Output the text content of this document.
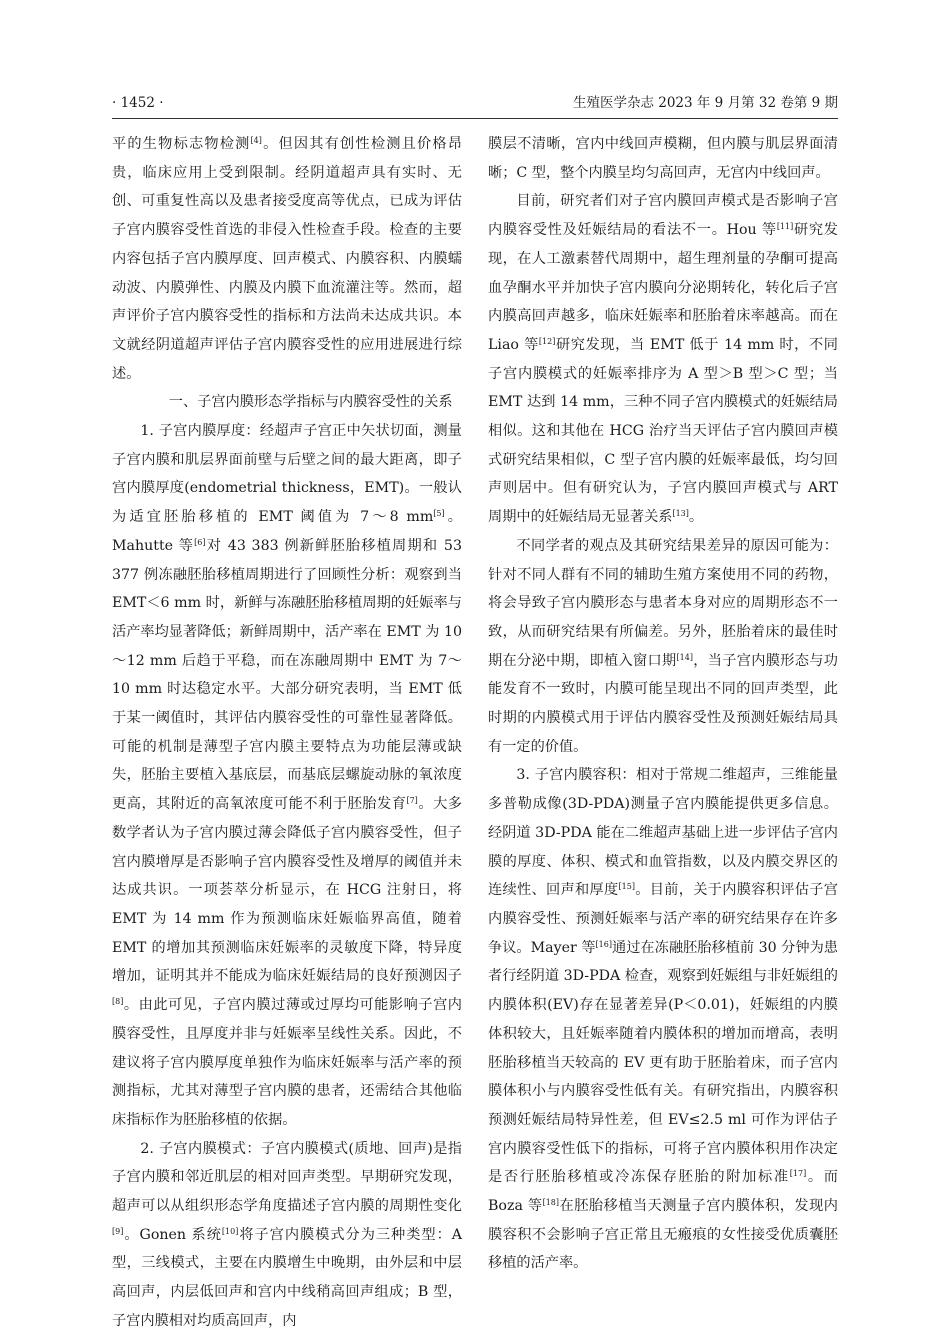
· 1452 ·	生殖医学杂志 2023 年 9 月第 32 卷第 9 期

平的生物标志物检测[4]。但因其有创性检测且价格昂贵，临床应用上受到限制。经阴道超声具有实时、无创、可重复性高以及患者接受度高等优点，已成为评估子宫内膜容受性首选的非侵入性检查手段。检查的主要内容包括子宫内膜厚度、回声模式、内膜容积、内膜蠕动波、内膜弹性、内膜及内膜下血流灌注等。然而，超声评价子宫内膜容受性的指标和方法尚未达成共识。本文就经阴道超声评估子宫内膜容受性的应用进展进行综述。

一、子宫内膜形态学指标与内膜容受性的关系

1. 子宫内膜厚度：经超声子宫正中矢状切面，测量子宫内膜和肌层界面前壁与后壁之间的最大距离，即子宫内膜厚度(endometrial thickness，EMT)。一般认为适宜胚胎移植的 EMT 阈值为 7～8 mm[5]。Mahutte 等[6]对 43 383 例新鲜胚胎移植周期和 53 377 例冻融胚胎移植周期进行了回顾性分析：观察到当 EMT＜6 mm 时，新鲜与冻融胚胎移植周期的妊娠率与活产率均显著降低；新鲜周期中，活产率在 EMT 为 10～12 mm 后趋于平稳，而在冻融周期中 EMT 为 7～10 mm 时达稳定水平。大部分研究表明，当 EMT 低于某一阈值时，其评估内膜容受性的可靠性显著降低。可能的机制是薄型子宫内膜主要特点为功能层薄或缺失，胚胎主要植入基底层，而基底层螺旋动脉的氧浓度更高，其附近的高氧浓度可能不利于胚胎发育[7]。大多数学者认为子宫内膜过薄会降低子宫内膜容受性，但子宫内膜增厚是否影响子宫内膜容受性及增厚的阈值并未达成共识。一项荟萃分析显示，在 HCG 注射日，将 EMT 为 14 mm 作为预测临床妊娠临界高值，随着 EMT 的增加其预测临床妊娠率的灵敏度下降，特异度增加，证明其并不能成为临床妊娠结局的良好预测因子[8]。由此可见，子宫内膜过薄或过厚均可能影响子宫内膜容受性，且厚度并非与妊娠率呈线性关系。因此，不建议将子宫内膜厚度单独作为临床妊娠率与活产率的预测指标，尤其对薄型子宫内膜的患者，还需结合其他临床指标作为胚胎移植的依据。

2. 子宫内膜模式：子宫内膜模式(质地、回声)是指子宫内膜和邻近肌层的相对回声类型。早期研究发现，超声可以从组织形态学角度描述子宫内膜的周期性变化[9]。Gonen 系统[10]将子宫内膜模式分为三种类型：A 型，三线模式，主要在内膜增生中晚期，由外层和中层高回声，内层低回声和宫内中线稍高回声组成；B 型，子宫内膜相对均质高回声，内

膜层不清晰，宫内中线回声模糊，但内膜与肌层界面清晰；C 型，整个内膜呈均匀高回声，无宫内中线回声。

目前，研究者们对子宫内膜回声模式是否影响子宫内膜容受性及妊娠结局的看法不一。Hou 等[11]研究发现，在人工激素替代周期中，超生理剂量的孕酮可提高血孕酮水平并加快子宫内膜向分泌期转化，转化后子宫内膜高回声越多，临床妊娠率和胚胎着床率越高。而在 Liao 等[12]研究发现，当 EMT 低于 14 mm 时，不同子宫内膜模式的妊娠率排序为 A 型＞B 型＞C 型；当 EMT 达到 14 mm，三种不同子宫内膜模式的妊娠结局相似。这和其他在 HCG 治疗当天评估子宫内膜回声模式研究结果相似，C 型子宫内膜的妊娠率最低，均匀回声则居中。但有研究认为，子宫内膜回声模式与 ART 周期中的妊娠结局无显著关系[13]。

不同学者的观点及其研究结果差异的原因可能为：针对不同人群有不同的辅助生殖方案使用不同的药物，将会导致子宫内膜形态与患者本身对应的周期形态不一致，从而研究结果有所偏差。另外，胚胎着床的最佳时期在分泌中期，即植入窗口期[14]，当子宫内膜形态与功能发育不一致时，内膜可能呈现出不同的回声类型，此时期的内膜模式用于评估内膜容受性及预测妊娠结局具有一定的价值。

3. 子宫内膜容积：相对于常规二维超声，三维能量多普勒成像(3D-PDA)测量子宫内膜能提供更多信息。经阴道 3D-PDA 能在二维超声基础上进一步评估子宫内膜的厚度、体积、模式和血管指数，以及内膜交界区的连续性、回声和厚度[15]。目前，关于内膜容积评估子宫内膜容受性、预测妊娠率与活产率的研究结果存在许多争议。Mayer 等[16]通过在冻融胚胎移植前 30 分钟为患者行经阴道 3D-PDA 检查，观察到妊娠组与非妊娠组的内膜体积(EV)存在显著差异(P＜0.01)，妊娠组的内膜体积较大，且妊娠率随着内膜体积的增加而增高，表明胚胎移植当天较高的 EV 更有助于胚胎着床，而子宫内膜体积小与内膜容受性低有关。有研究指出，内膜容积预测妊娠结局特异性差，但 EV≤2.5 ml 可作为评估子宫内膜容受性低下的指标，可将子宫内膜体积用作决定是否行胚胎移植或冷冻保存胚胎的附加标准[17]。而 Boza 等[18]在胚胎移植当天测量子宫内膜体积，发现内膜容积不会影响子宫正常且无瘢痕的女性接受优质囊胚移植的活产率。
